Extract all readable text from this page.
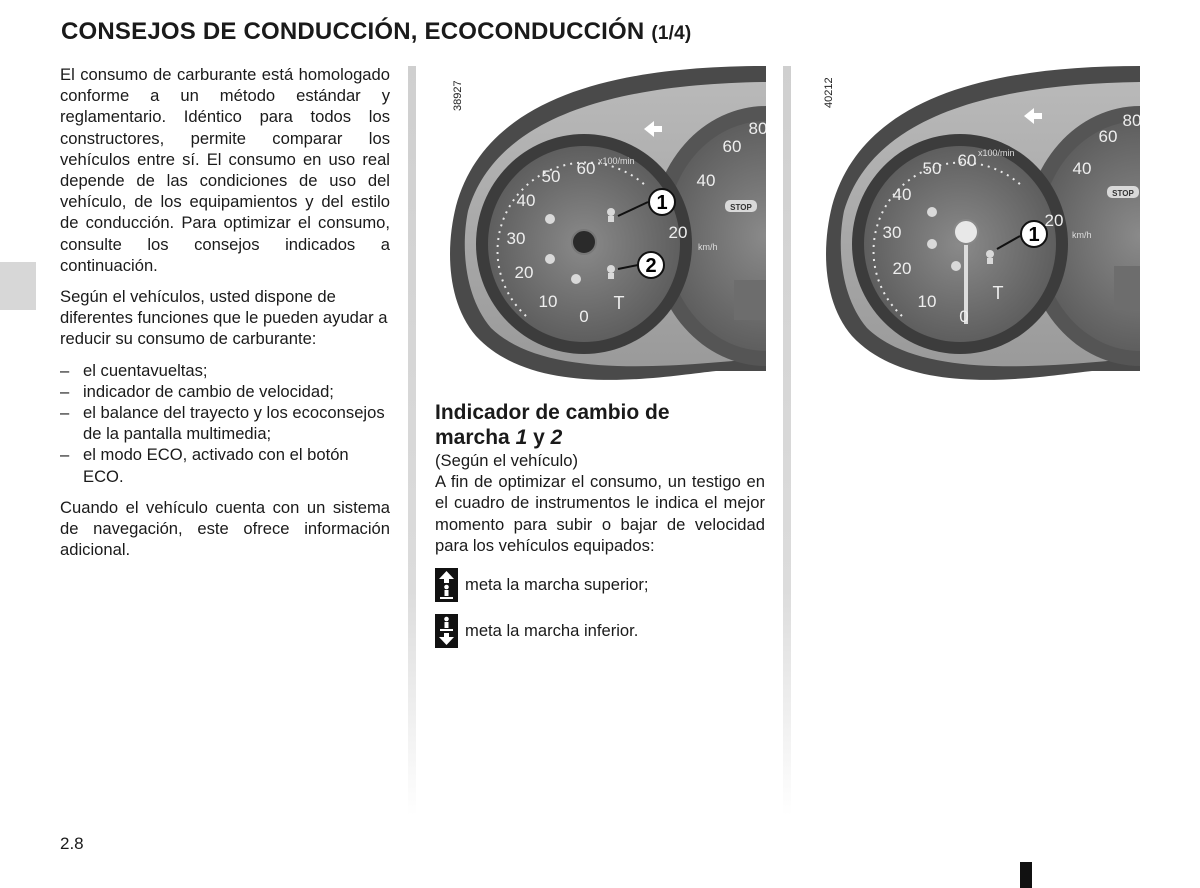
CONSEJOS DE CONDUCCIÓN, ECOCONDUCCIÓN (1/4)

El consumo de carburante está homologado conforme a un método estándar y reglamentario. Idéntico para todos los constructores, permite comparar los vehículos entre sí. El consumo en uso real depende de las condiciones de uso del vehículo, de los equipamientos y del estilo de conducción. Para optimizar el consumo, consulte los consejos indicados a continuación.

Según el vehículos, usted dispone de diferentes funciones que le pueden ayudar a reducir su consumo de carburante:

– el cuentavueltas;
– indicador de cambio de velocidad;
– el balance del trayecto y los ecoconsejos de la pantalla multimedia;
– el modo ECO, activado con el botón ECO.

Cuando el vehículo cuenta con un sistema de navegación, este ofrece información adicional.

0
10
20
30
40
50 60 x100/min
T
20
40
60
80
km/h
STOP
1
2
38927
0
10
20
30
40
50 60 x100/min
T
20
40
60
80
km/h
STOP
1
40212

Indicador de cambio de
marcha 1 y 2

(Según el vehículo)

A fin de optimizar el consumo, un testigo en el cuadro de instrumentos le indica el mejor momento para subir o bajar de velocidad para los vehículos equipados:

meta la marcha superior;
meta la marcha inferior.
2.8
